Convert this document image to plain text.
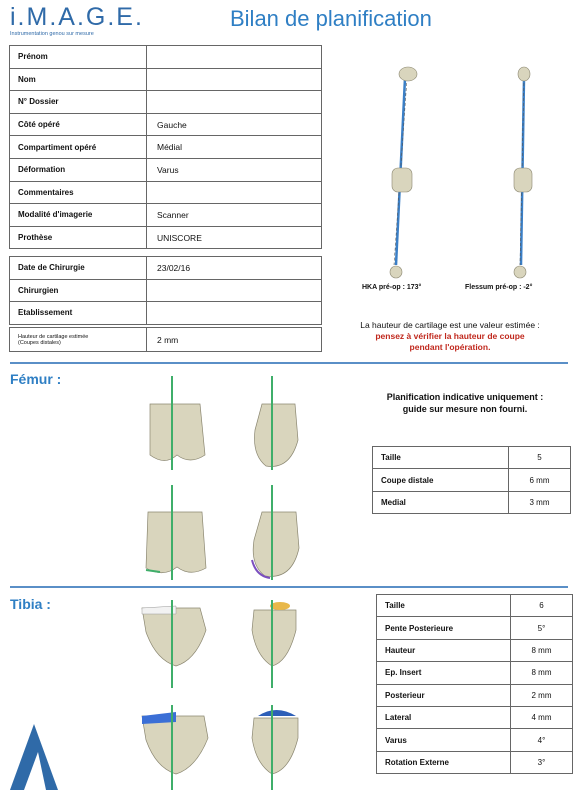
i.M.A.G.E.
Instrumentation genou sur mesure
Bilan de planification
Prénom	
Nom	
N° Dossier	
Côté opéré	Gauche
Compartiment opéré	Médial
Déformation	Varus
Commentaires	
Modalité d'imagerie	Scanner
Prothèse	UNISCORE
Date de Chirurgie	23/02/16
Chirurgien	
Etablissement	
Hauteur de cartilage estimée
(Coupes distales)	2 mm
HKA pré-op : 173°	Flessum pré-op : -2°
La hauteur de cartilage est une valeur estimée :
pensez à vérifier la hauteur de coupe
pendant l'opération.
Fémur :
Planification indicative uniquement :
guide sur mesure non fourni.
Taille	5
Coupe distale	6 mm
Medial	3 mm
Tibia :	Taille	6
Pente Posterieure	5°
Hauteur	8 mm
Ep. Insert	8 mm
Posterieur	2 mm
Lateral	4 mm
Varus	4°
Rotation Externe	3°
